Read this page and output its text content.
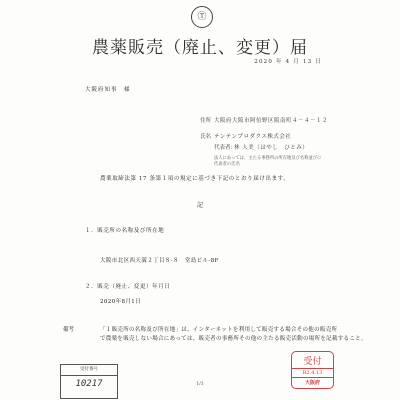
Ⓣ
農薬販売（廃止、変更）届
2020 年 4 月 13 日
大阪府知事　様
住所 大阪府大阪市阿倍野区阪南町４－４－１２
氏名 テンテンプロダクス株式会社
代表者：
林 人美（はやし　ひとみ）
法人にあっては、主たる事務所の所在地及び名称並びに
代表者の氏名
農薬取締法第 17 条第１項の規定に基づき下記のとおり届け出ます。
記
１．販売所の名称及び所在地
大阪市北区西天満２丁目８-８　堂島ビル-8F
２．販売（廃止、変更）年月日
2020年8月1日
備考	「１販売所の名称及び所在地」は、インターネットを利用して販売する場合その他の販売所
で農薬を販売しない場合にあっては、販売者の事務所その他の主たる販売活動の場所を記載すること。
受付番号
10217	1/3
受付
R2.4.13
大阪府
